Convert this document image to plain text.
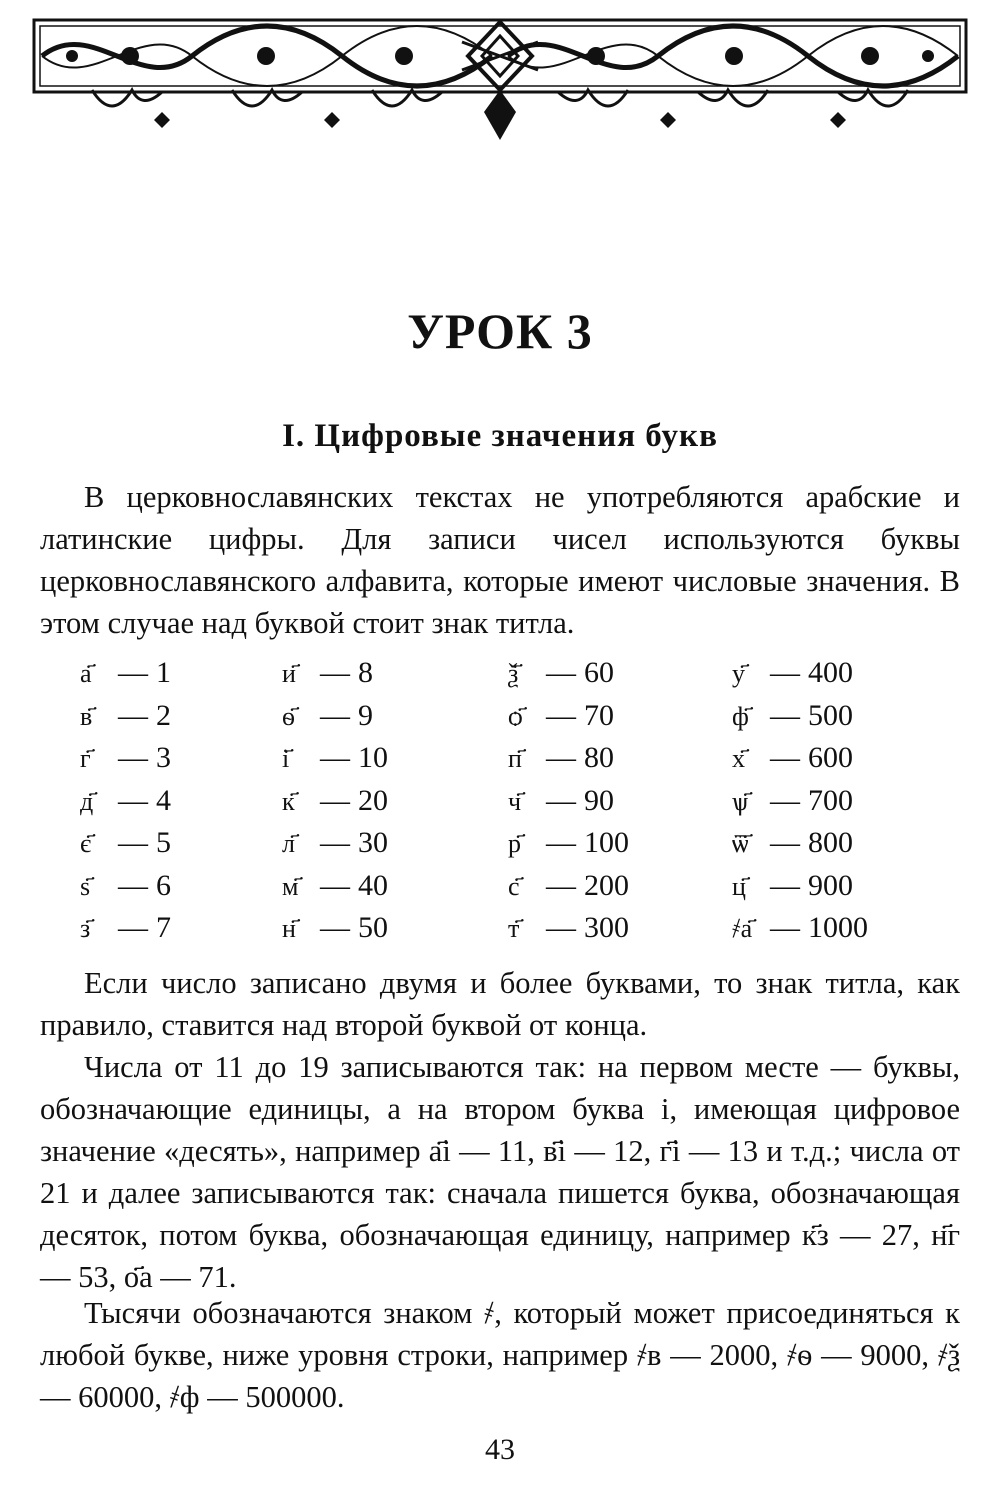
УРОК 3
I. Цифровые значения букв

В церковнославянских текстах не употребляются арабские и латинские цифры. Для записи чисел используются буквы церковнославянского алфавита, которые имеют числовые значения. В этом случае над буквой стоит знак титла.

а҃ — 1
в҃ — 2
г҃ — 3
д҃ — 4
є҃ — 5
ѕ҃ — 6
з҃ — 7
и҃ — 8
ѳ҃ — 9
і҃ — 10
к҃ — 20
л҃ — 30
м҃ — 40
н҃ — 50
ѯ҃ — 60
ѻ҃ — 70
п҃ — 80
ч҃ — 90
р҃ — 100
с҃ — 200
т҃ — 300
у҃ — 400
ф҃ — 500
х҃ — 600
ѱ҃ — 700
ѿ҃ — 800
ц҃ — 900
҂а҃ — 1000

Если число записано двумя и более буквами, то знак титла, как правило, ставится над второй буквой от конца.

Числа от 11 до 19 записываются так: на первом месте — буквы, обозначающие единицы, а на втором буква і, имеющая цифровое значение «десять», например а҃і — 11, в҃і — 12, г҃і — 13 и т.д.; числа от 21 и далее записываются так: сначала пишется буква, обозначающая десяток, потом буква, обозначающая единицу, например к҃з — 27, н҃г — 53, о҃а — 71.

Тысячи обозначаются знаком ҂, который может присоединяться к любой букве, ниже уровня строки, например ҂в — 2000, ҂ѳ — 9000, ҂ѯ — 60000, ҂ф — 500000.

43
